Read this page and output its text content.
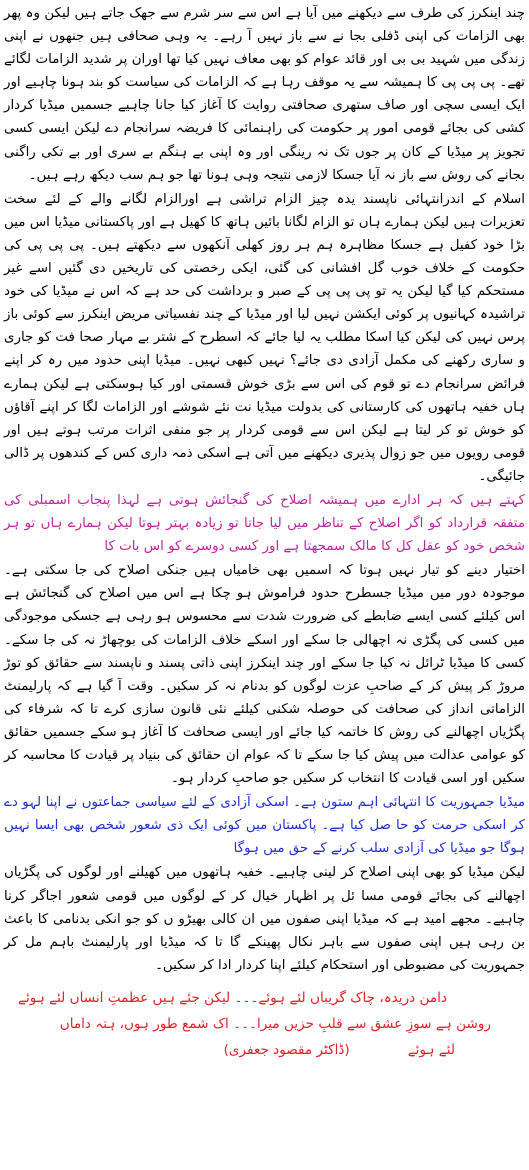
چند اینکرز کی طرف سے دیکھنے میں آیا ہے اس سے سر شرم سے جھک جاتے ہیں لیکن وہ پھر بھی الزامات کی اپنی ڈفلی بجا نے سے باز نہیں آ رہے۔ یہ وہی صحافی ہیں جنھوں نے اپنی زندگی میں شہید بی بی اور قائد عوام کو بھی معاف نہیں کیا تھا اوران پر شدید الزامات لگائے تھے۔ پی پی پی کا ہمیشہ سے یہ موقف رہا ہے کہ الزامات کی سیاست کو بند ہونا چاہیے اور ایک ایسی سچی اور صاف ستھری صحافتی روایت کا آغاز کیا جانا چاہیے جسمیں میڈیا کردار کشی کی بجائے قومی امور پر حکومت کی راہنمائی کا فریضہ سرانجام دے لیکن ایسی کسی تجویز پر میڈیا کے کان پر جوں تک نہ رینگی اور وہ اپنی بے ہنگم بے سری اور بے تکی راگنی بجانے کی روش سے باز نہ آیا جسکا لازمی نتیجہ وہی ہونا تھا جو ہم سب دیکھ رہے ہیں۔

اسلام کے اندرانتہائی ناپسند یدہ چیز الزام تراشی ہے اورالزام لگانے والے کے لئے سخت تعزیرات ہیں لیکن ہمارے ہاں تو الزام لگانا بائیں ہاتھ کا کھیل ہے اور پاکستانی میڈیا اس میں بڑا خود کفیل ہے جسکا مظاہرہ ہم ہر روز کھلی آنکھوں سے دیکھتے ہیں۔ پی پی پی کی حکومت کے خلاف خوب گل افشانی کی گئی، ایکی رخصتی کی تاریخیں دی گئیں اسے غیر مستحکم کیا گیا لیکن یہ تو پی پی پی کے صبر و برداشت کی حد ہے کہ اس نے میڈیا کی خود تراشیدہ کہانیوں پر کوئی ایکشن نہیں لیا اور میڈیا کے چند نفسیاتی مریض اینکرز سے کوئی باز پرس نہیں کی لیکن کیا اسکا مطلب یہ لیا جائے کہ اسطرح کے شتر بے مہار صحا فت کو جاری و ساری رکھنے کی مکمل آزادی دی جائے؟ نہیں کبھی نہیں۔ میڈیا اپنی حدود میں رہ کر اپنے فرائض سرانجام دے تو قوم کی اس سے بڑی خوش قسمتی اور کیا ہوسکتی ہے لیکن ہمارے ہاں خفیہ ہاتھوں کی کارستانی کی بدولت میڈیا نت نئے شوشے اور الزامات لگا کر اپنے آقاؤں کو خوش تو کر لیتا ہے لیکن اس سے قومی کردار پر جو منفی اثرات مرتب ہوتے ہیں اور قومی رویوں میں جو زوال پذیری دیکھنے میں آتی ہے اسکی ذمہ داری کس کے کندھوں پر ڈالی جائیگی۔

کہتے ہیں کہ ہر ادارے میں ہمیشہ اصلاح کی گنجائش ہوتی ہے لہذا پنجاب اسمبلی کی متفقہ قرارداد کو اگر اصلاح کے تناظر میں لیا جاتا تو زیادہ بہتر ہوتا لیکن ہمارے ہاں تو ہر شخص خود کو عقل کل کا مالک سمجھتا ہے اور کسی دوسرے کو اس بات کا

اختیار دینے کو تیار نہیں ہوتا کہ اسمیں بھی خامیاں ہیں جنکی اصلاح کی جا سکتی ہے۔ موجودہ دور میں میڈیا جسطرح حدود فراموش ہو چکا ہے اس میں اصلاح کی گنجائش ہے اس کیلئے کسی ایسے ضابطے کی ضرورت شدت سے محسوس ہو رہی ہے جسکی موجودگی میں کسی کی پگڑی نہ اچھالی جا سکے اور اسکے خلاف الزامات کی بوچھاڑ نہ کی جا سکے۔ کسی کا میڈیا ٹرائل نہ کیا جا سکے اور چند اینکرز اپنی ذاتی پسند و ناپسند سے حقائق کو توڑ مروڑ کر پیش کر کے صاحبِ عزت لوگوں کو بدنام نہ کر سکیں۔ وقت آ گیا ہے کہ پارلیمنٹ الزاماتی انداز کی صحافت کی حوصلہ شکنی کیلئے نئی قانون سازی کرے تا کہ شرفاء کی پگڑیاں اچھالنے کی روش کا خاتمہ کیا جائے اور ایسی صحافت کا آغاز ہو سکے جسمیں حقائق کو عوامی عدالت میں پیش کیا جا سکے تا کہ عوام ان حقائق کی بنیاد پر قیادت کا محاسبہ کر سکیں اور اسی قیادت کا انتخاب کر سکیں جو صاحبِ کردار ہو۔

میڈیا جمہوریت کا انتہائی اہم ستون ہے۔ اسکی آزادی کے لئے سیاسی جماعتوں نے اپنا لہو دے کر اسکی حرمت کو حا صل کیا ہے۔ پاکستان میں کوئی ایک ذی شعور شخص بھی ایسا نہیں ہوگا جو میڈیا کی آزادی سلب کرنے کے حق میں ہوگا

لیکن میڈیا کو بھی اپنی اصلاح کر لینی چاہیے۔ خفیہ ہاتھوں میں کھیلنے اور لوگوں کی پگڑیاں اچھالنے کی بجائے قومی مسا ئل پر اظہار خیال کر کے لوگوں میں قومی شعور اجاگر کرنا چاہیے۔ مجھے امید ہے کہ میڈیا اپنی صفوں میں ان کالی بھیڑو ں کو جو انکی بدنامی کا باعث بن رہی ہیں اپنی صفوں سے باہر نکال پھینکے گا تا کہ میڈیا اور پارلیمنٹ باہم مل کر جمہوریت کی مضبوطی اور استحکام کیلئے اپنا کردار ادا کر سکیں۔

دامن دریدہ، چاک گریباں لئے ہوئے۔۔۔ لیکن جئے ہیں عظمتِ انساں لئے ہوئے
روشن ہے سوزِ عشق سے قلبِ حزیں میرا۔۔۔ اک شمع طور ہوں، ہتہ داماں
لئے ہوئے(ڈاکٹر مقصود جعفری)
